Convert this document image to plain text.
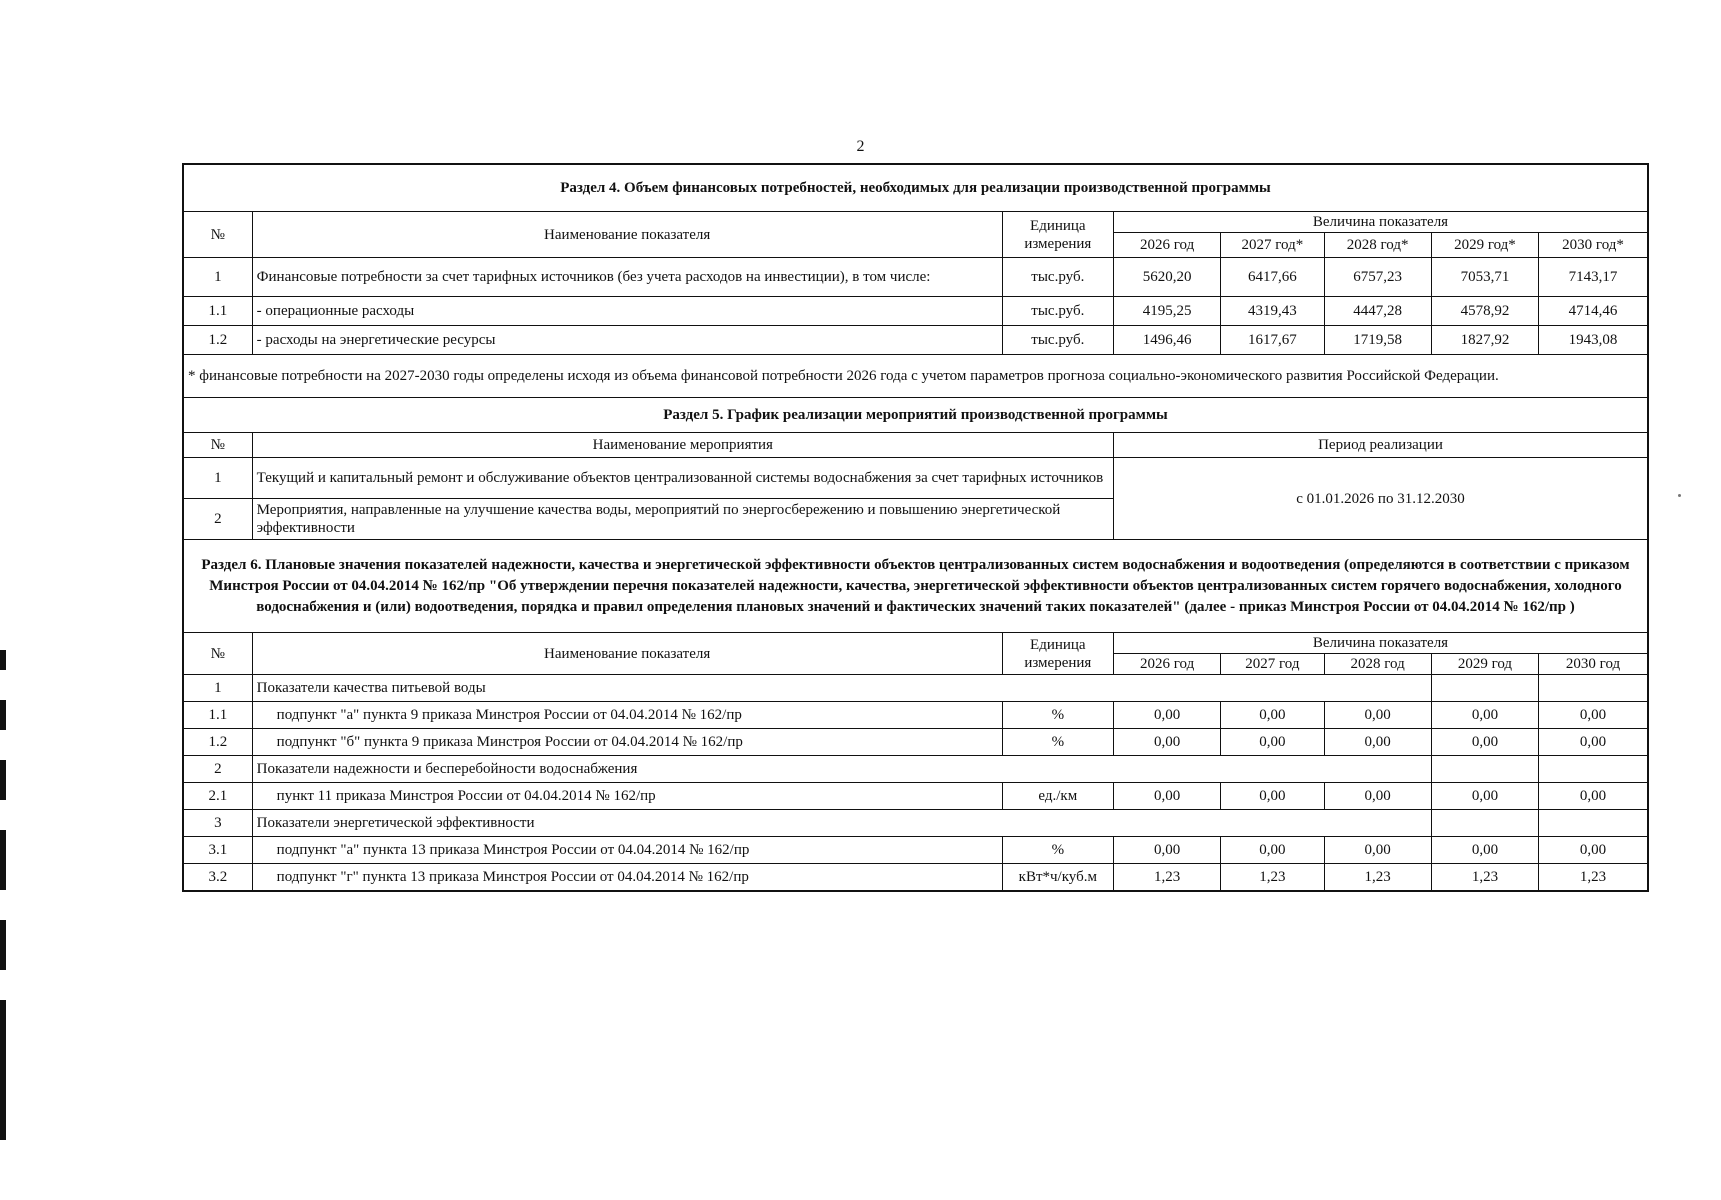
2
Раздел 4. Объем финансовых потребностей, необходимых для реализации производственной программы							
№	Наименование показателя	Единица измерения	Величина показателя				
			2026 год	2027 год*	2028 год*	2029 год*	2030 год*
1	Финансовые потребности за счет тарифных источников (без учета расходов на инвестиции), в том числе:	тыс.руб.	5620,20	6417,66	6757,23	7053,71	7143,17
1.1	- операционные расходы	тыс.руб.	4195,25	4319,43	4447,28	4578,92	4714,46
1.2	- расходы на энергетические ресурсы	тыс.руб.	1496,46	1617,67	1719,58	1827,92	1943,08
* финансовые потребности на 2027-2030 годы определены исходя из объема финансовой потребности 2026 года с учетом параметров прогноза социально-экономического развития Российской Федерации.							
Раздел 5. График реализации мероприятий производственной программы							
№	Наименование мероприятия		Период реализации				
1	Текущий и капитальный ремонт и обслуживание объектов централизованной системы водоснабжения за счет тарифных источников		с 01.01.2026 по 31.12.2030				
2	Мероприятия, направленные на улучшение качества воды, мероприятий по энергосбережению и повышению энергетической эффективности						
Раздел 6. Плановые значения показателей надежности, качества и энергетической эффективности объектов централизованных систем водоснабжения и водоотведения (определяются в соответствии с приказом Минстроя России от 04.04.2014 № 162/пр "Об утверждении перечня показателей надежности, качества, энергетической эффективности объектов централизованных систем горячего водоснабжения, холодного водоснабжения и (или) водоотведения, порядка и правил определения плановых значений и фактических значений таких показателей" (далее - приказ Минстроя России от 04.04.2014 № 162/пр )							
№	Наименование показателя	Единица измерения	Величина показателя				
			2026 год	2027 год	2028 год	2029 год	2030 год
1	Показатели качества питьевой воды						
1.1	подпункт "а" пункта 9 приказа Минстроя России от 04.04.2014 № 162/пр	%	0,00	0,00	0,00	0,00	0,00
1.2	подпункт "б" пункта 9 приказа Минстроя России от 04.04.2014 № 162/пр	%	0,00	0,00	0,00	0,00	0,00
2	Показатели надежности и бесперебойности водоснабжения						
2.1	пункт 11 приказа Минстроя России от 04.04.2014 № 162/пр	ед./км	0,00	0,00	0,00	0,00	0,00
3	Показатели энергетической эффективности						
3.1	подпункт "а" пункта 13 приказа Минстроя России от 04.04.2014 № 162/пр	%	0,00	0,00	0,00	0,00	0,00
3.2	подпункт "г" пункта 13 приказа Минстроя России от 04.04.2014 № 162/пр	кВт*ч/куб.м	1,23	1,23	1,23	1,23	1,23
